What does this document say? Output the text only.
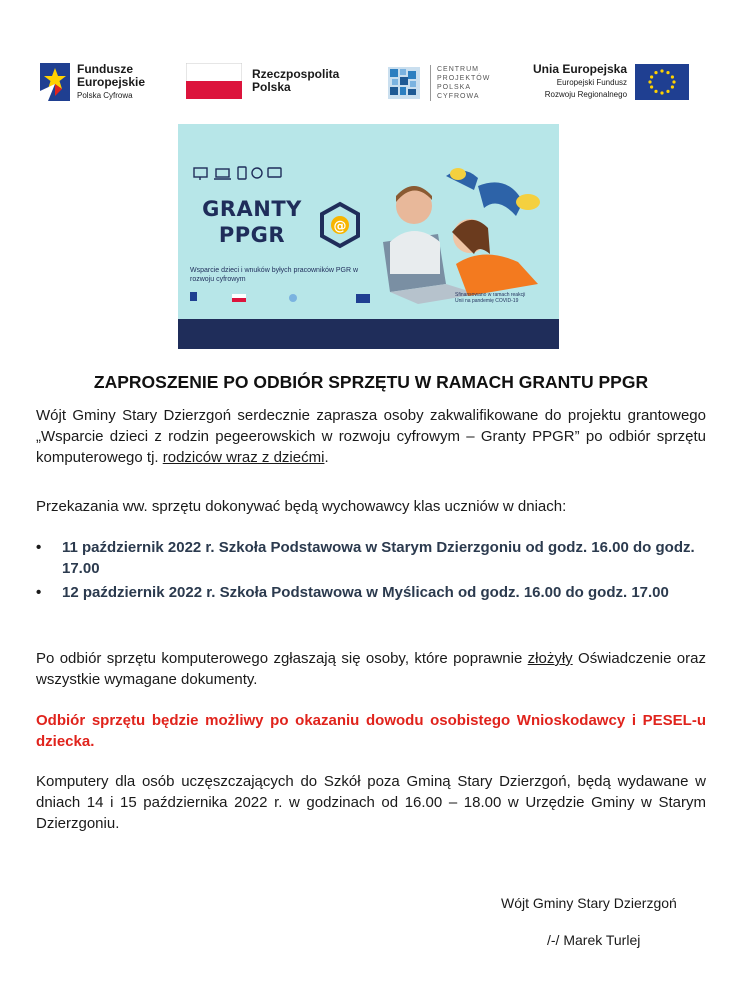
Fundusze
Europejskie
Polska Cyfrowa
Rzeczpospolita
Polska
CENTRUM
PROJEKTÓW
POLSKA
CYFROWA
Unia Europejska
Europejski Fundusz
Rozwoju Regionalnego
@
GRANTY
PPGR
Wsparcie dzieci i wnuków byłych pracowników PGR w rozwoju cyfrowym
Sfinansowano w ramach reakcji Unii na pandemię COVID-19
ZAPROSZENIE PO ODBIÓR SPRZĘTU W RAMACH GRANTU PPGR
Wójt Gminy Stary Dzierzgoń serdecznie zaprasza osoby zakwalifikowane do projektu grantowego „Wsparcie dzieci z rodzin pegeerowskich w rozwoju cyfrowym – Granty PPGR” po odbiór sprzętu komputerowego tj. rodziców wraz z dziećmi.
Przekazania ww. sprzętu dokonywać będą wychowawcy klas uczniów w dniach:
• 11 październik 2022 r. Szkoła Podstawowa w Starym Dzierzgoniu od godz. 16.00 do godz. 17.00
• 12 październik 2022 r. Szkoła Podstawowa w Myślicach od godz. 16.00 do godz. 17.00
Po odbiór sprzętu komputerowego zgłaszają się osoby, które poprawnie złożyły Oświadczenie oraz wszystkie wymagane dokumenty.
Odbiór sprzętu będzie możliwy po okazaniu dowodu osobistego Wnioskodawcy i PESEL-u dziecka.
Komputery dla osób uczęszczających do Szkół poza Gminą Stary Dzierzgoń, będą wydawane w dniach 14 i 15 października 2022 r. w godzinach od 16.00 – 18.00 w Urzędzie Gminy w Starym Dzierzgoniu.
Wójt Gminy Stary Dzierzgoń
/-/ Marek Turlej
